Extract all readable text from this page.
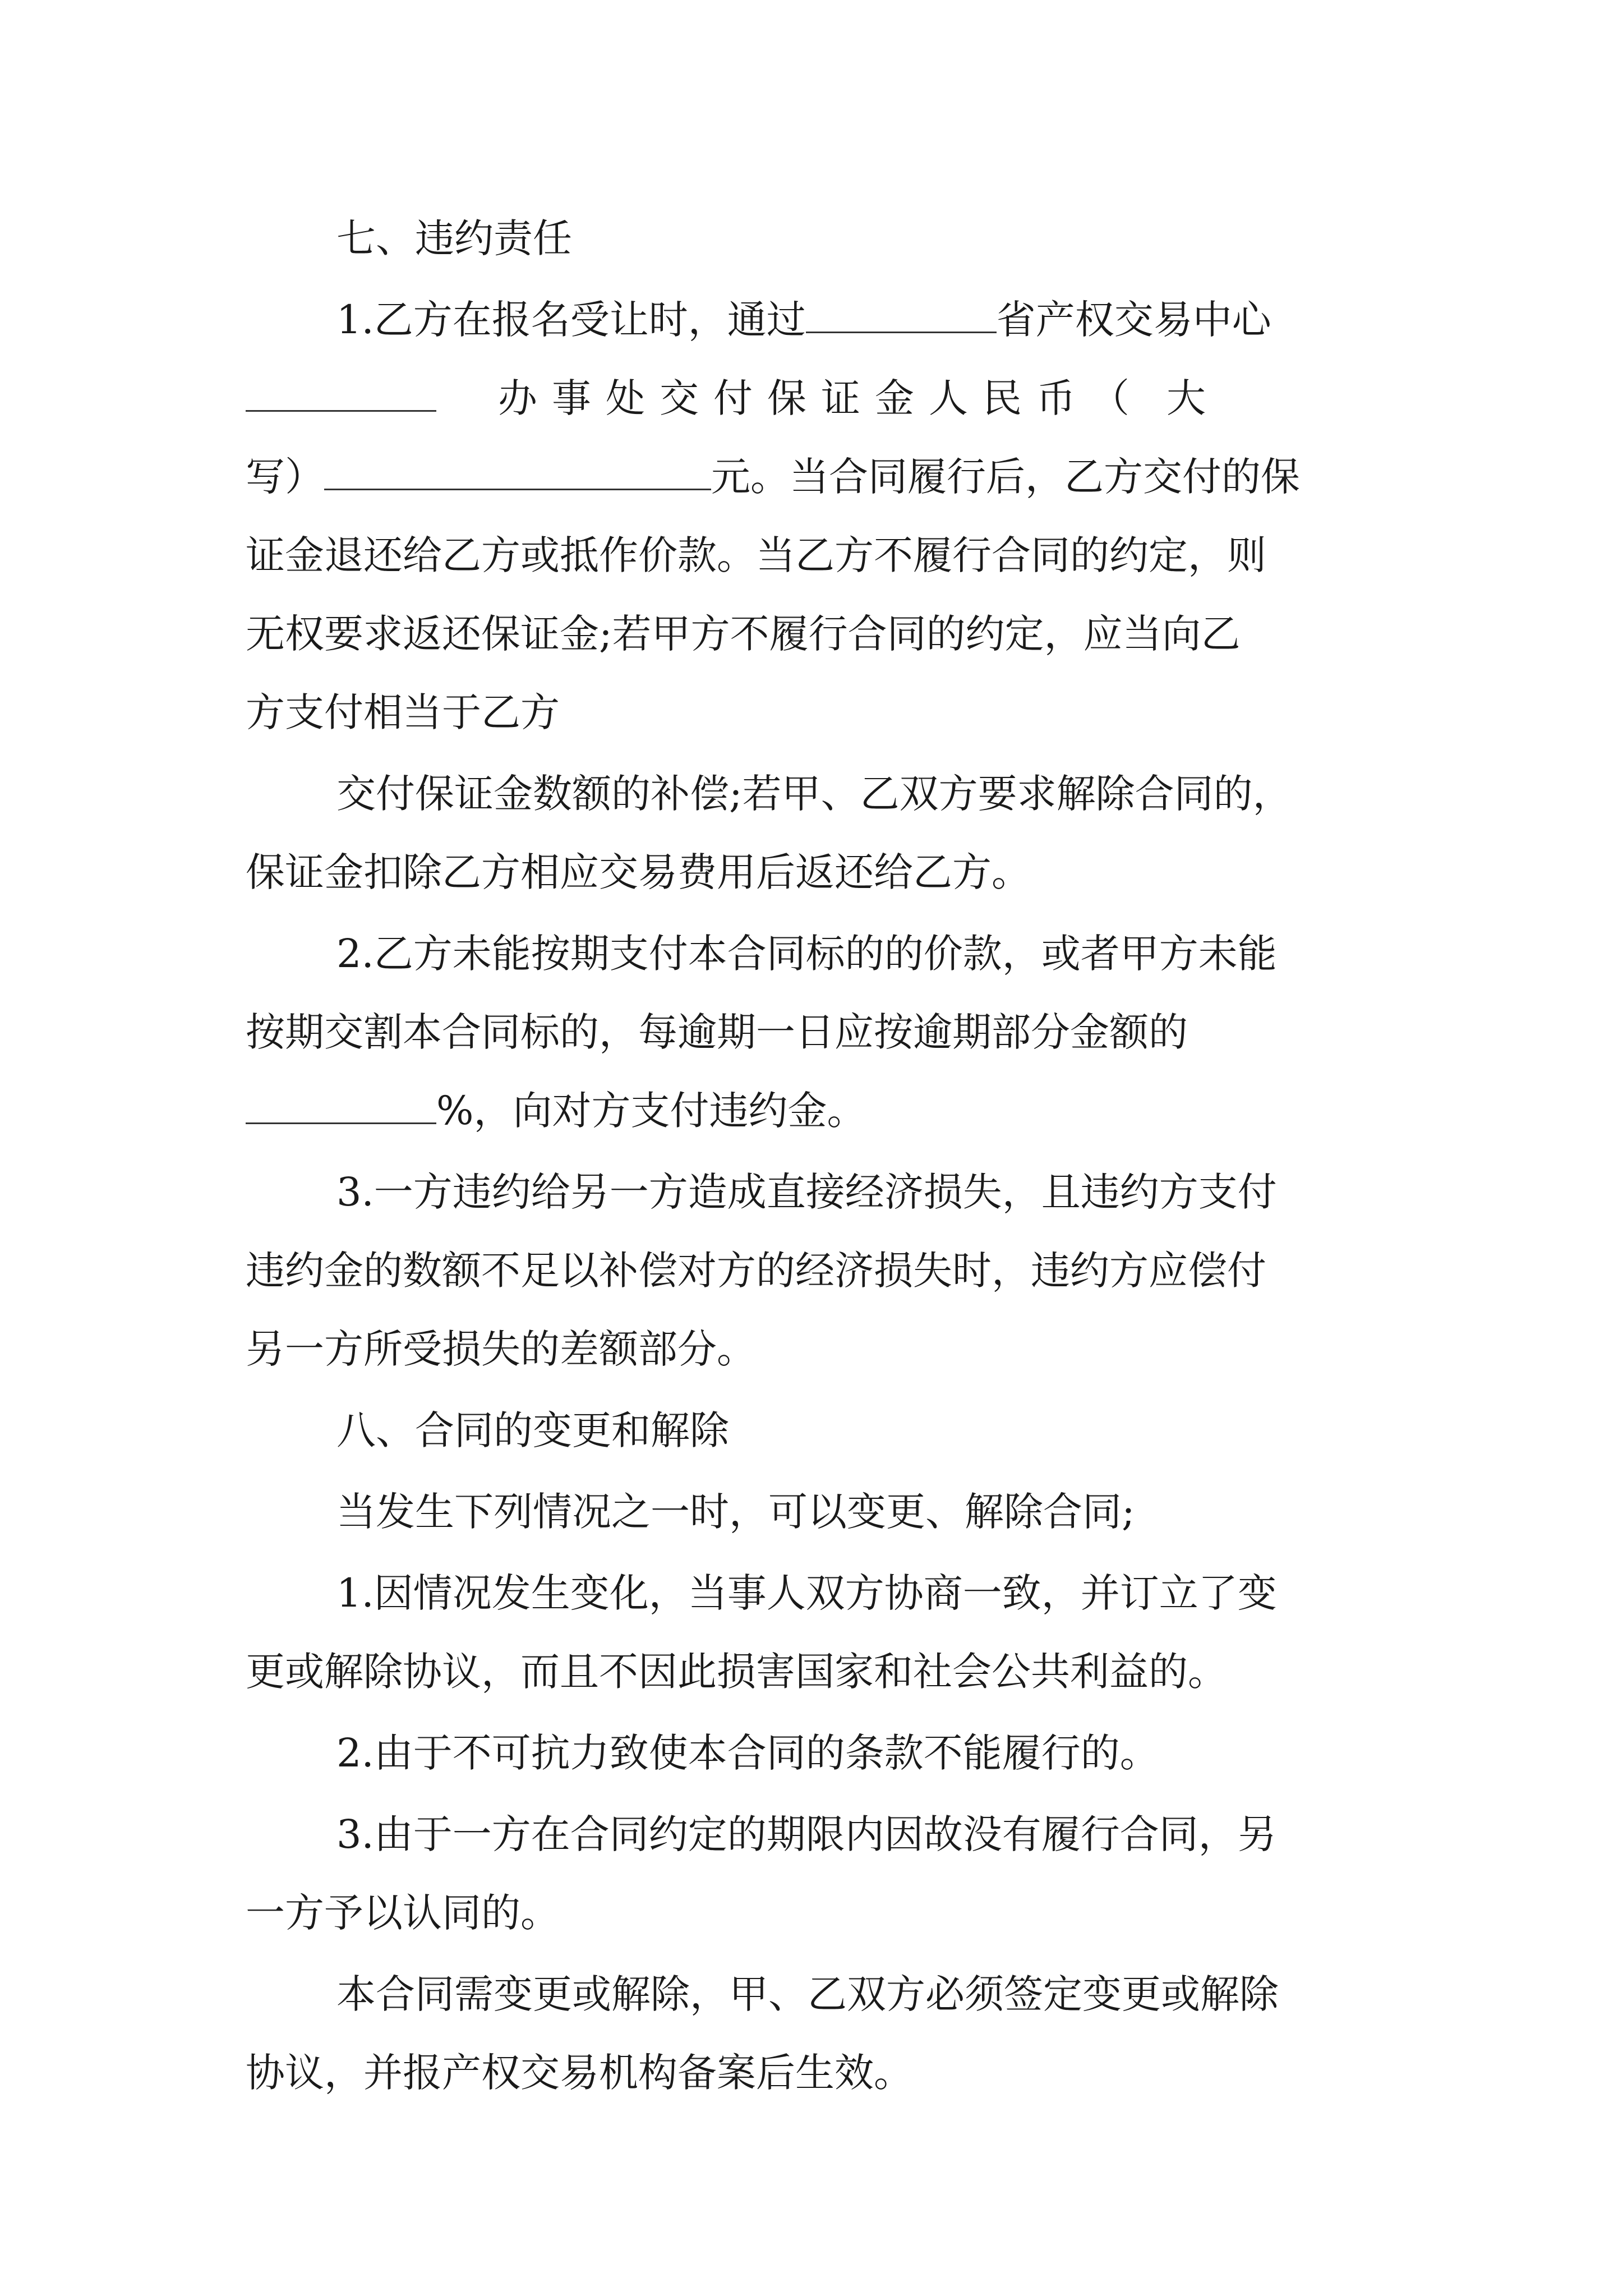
七、违约责任
1.乙方在报名受让时，通过	省产权交易中心
办事处交付保证金人民币（ 大
写）	元。当合同履行后，乙方交付的保
证金退还给乙方或抵作价款。当乙方不履行合同的约定，则
无权要求返还保证金;若甲方不履行合同的约定，应当向乙
方支付相当于乙方
交付保证金数额的补偿;若甲、乙双方要求解除合同的，
保证金扣除乙方相应交易费用后返还给乙方。
2.乙方未能按期支付本合同标的的价款，或者甲方未能
按期交割本合同标的，每逾期一日应按逾期部分金额的
%，向对方支付违约金。
3.一方违约给另一方造成直接经济损失，且违约方支付
违约金的数额不足以补偿对方的经济损失时，违约方应偿付
另一方所受损失的差额部分。
八、合同的变更和解除
当发生下列情况之一时，可以变更、解除合同;
1.因情况发生变化，当事人双方协商一致，并订立了变
更或解除协议，而且不因此损害国家和社会公共利益的。
2.由于不可抗力致使本合同的条款不能履行的。
3.由于一方在合同约定的期限内因故没有履行合同，另
一方予以认同的。
本合同需变更或解除，甲、乙双方必须签定变更或解除
协议，并报产权交易机构备案后生效。
